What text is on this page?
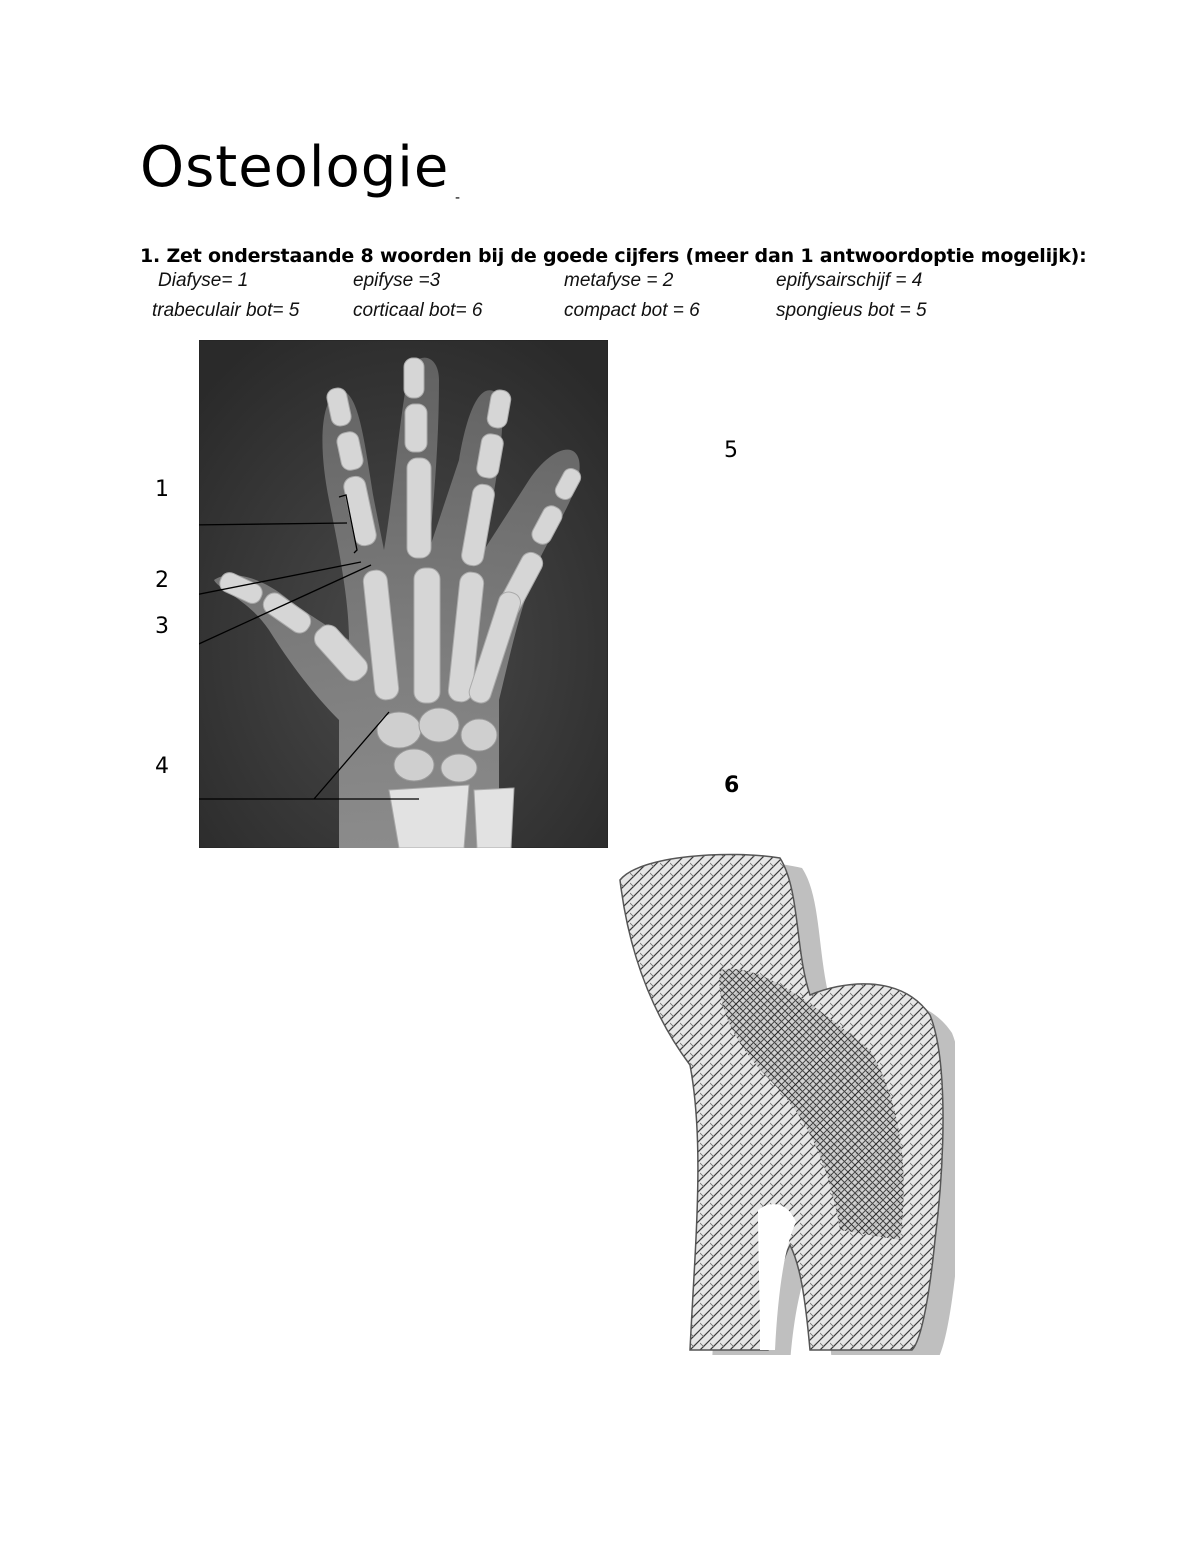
Osteologie -
1. Zet onderstaande 8 woorden bij de goede cijfers (meer dan 1 antwoordoptie mogelijk):
Diafyse= 1	epifyse =3	metafyse = 2	epifysairschijf = 4
trabeculair bot= 5	corticaal bot= 6	compact bot = 6	spongieus bot = 5
1
2
3
4
5
6
